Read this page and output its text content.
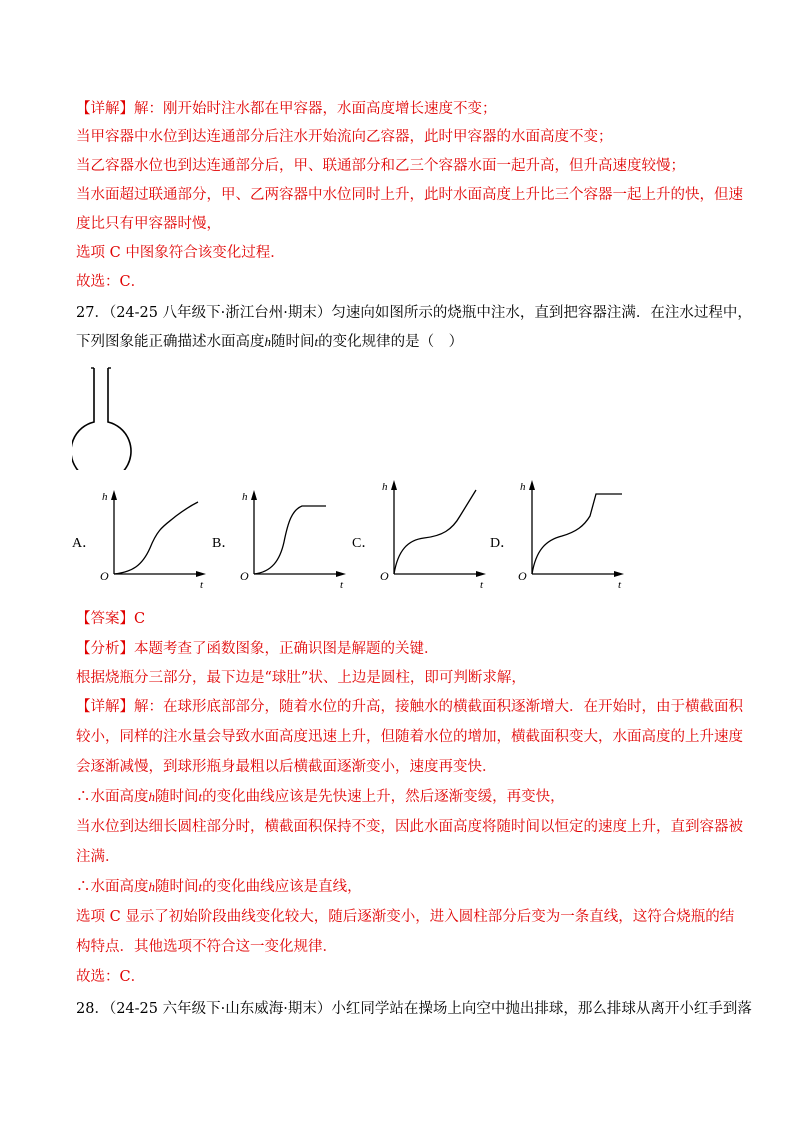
【详解】解：刚开始时注水都在甲容器，水面高度增长速度不变；
当甲容器中水位到达连通部分后注水开始流向乙容器，此时甲容器的水面高度不变；
当乙容器水位也到达连通部分后，甲、联通部分和乙三个容器水面一起升高，但升高速度较慢；
当水面超过联通部分，甲、乙两容器中水位同时上升，此时水面高度上升比三个容器一起上升的快，但速
度比只有甲容器时慢，
选项 C 中图象符合该变化过程．
故选：C．
27．（24-25 八年级下·浙江台州·期末）匀速向如图所示的烧瓶中注水，直到把容器注满．在注水过程中，
下列图象能正确描述水面高度h随时间t的变化规律的是（　）
A．
O
h
t
B．
O
h
t
C．
O
h
t
D．
O
h
t
【答案】C
【分析】本题考查了函数图象，正确识图是解题的关键．
根据烧瓶分三部分，最下边是“球肚”状、上边是圆柱，即可判断求解，
【详解】解：在球形底部部分，随着水位的升高，接触水的横截面积逐渐增大．在开始时，由于横截面积
较小，同样的注水量会导致水面高度迅速上升，但随着水位的增加，横截面积变大，水面高度的上升速度
会逐渐减慢，到球形瓶身最粗以后横截面逐渐变小，速度再变快．
∴水面高度h随时间t的变化曲线应该是先快速上升，然后逐渐变缓，再变快，
当水位到达细长圆柱部分时，横截面积保持不变，因此水面高度将随时间以恒定的速度上升，直到容器被
注满．
∴水面高度h随时间t的变化曲线应该是直线，
选项 C 显示了初始阶段曲线变化较大，随后逐渐变小，进入圆柱部分后变为一条直线，这符合烧瓶的结
构特点．其他选项不符合这一变化规律．
故选：C．
28．（24-25 六年级下·山东威海·期末）小红同学站在操场上向空中抛出排球，那么排球从离开小红手到落
